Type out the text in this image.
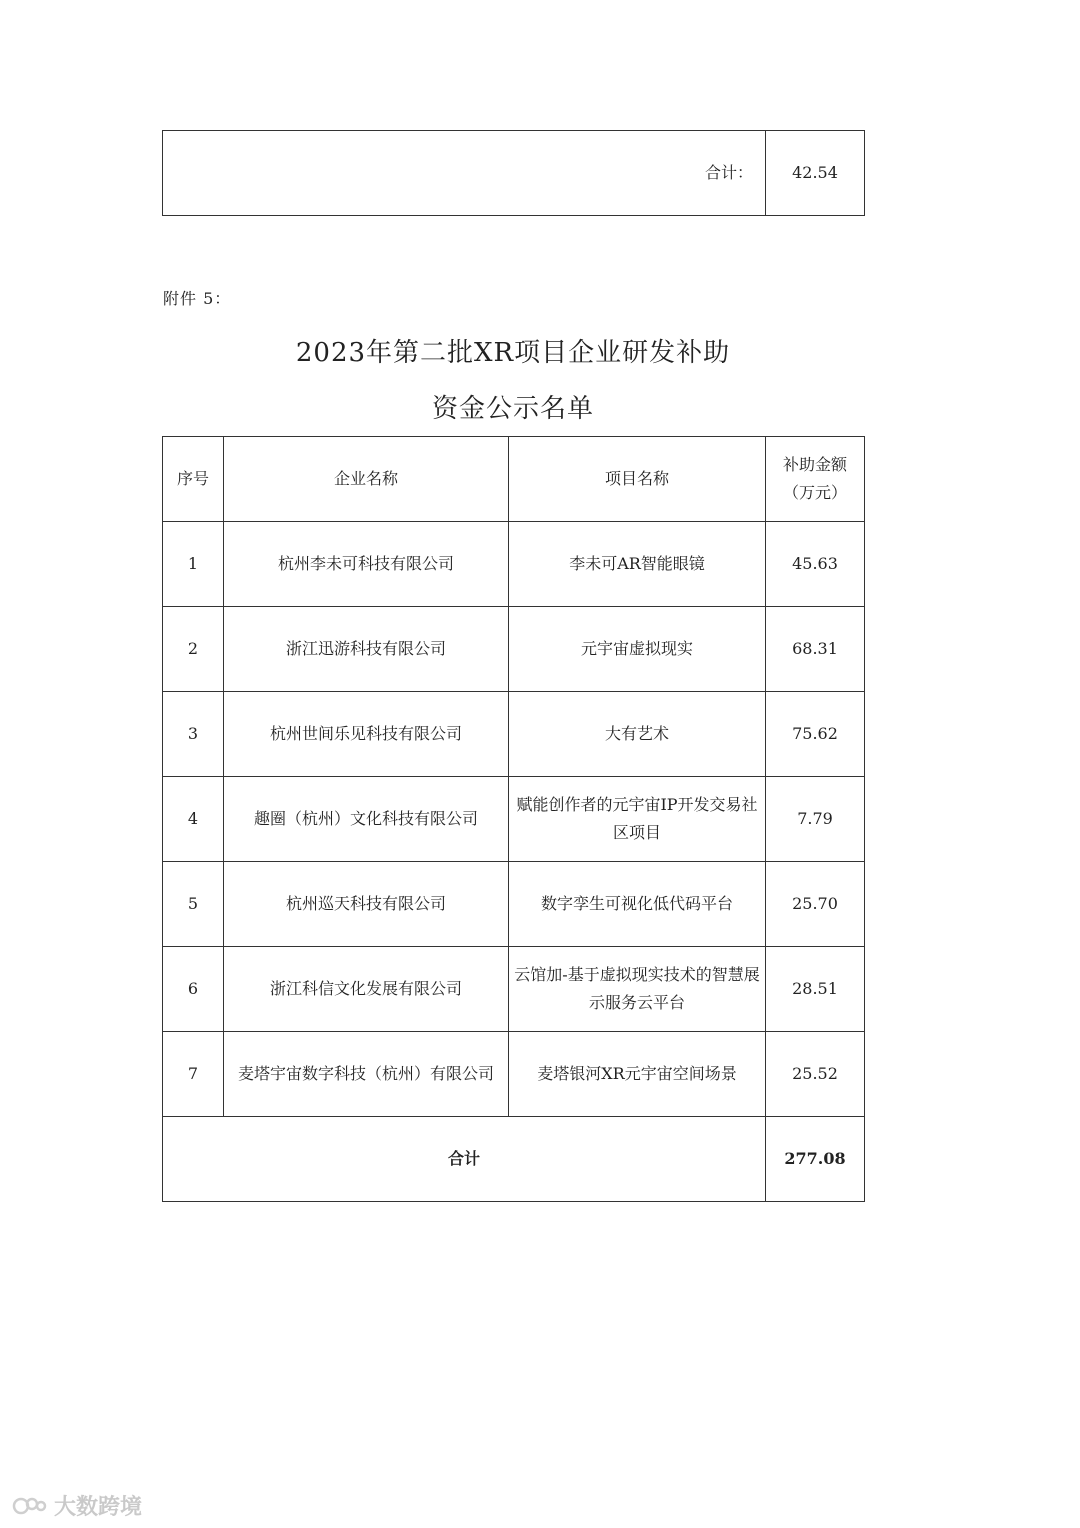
合计：	42.54
附件 5：
2023年第二批XR项目企业研发补助
资金公示名单
序号	企业名称	项目名称	补助金额（万元）
1	杭州李未可科技有限公司	李未可AR智能眼镜	45.63
2	浙江迅游科技有限公司	元宇宙虚拟现实	68.31
3	杭州世间乐见科技有限公司	大有艺术	75.62
4	趣圈（杭州）文化科技有限公司	赋能创作者的元宇宙IP开发交易社区项目	7.79
5	杭州巡天科技有限公司	数字孪生可视化低代码平台	25.70
6	浙江科信文化发展有限公司	云馆加-基于虚拟现实技术的智慧展示服务云平台	28.51
7	麦塔宇宙数字科技（杭州）有限公司	麦塔银河XR元宇宙空间场景	25.52
合计			277.08
大数跨境
